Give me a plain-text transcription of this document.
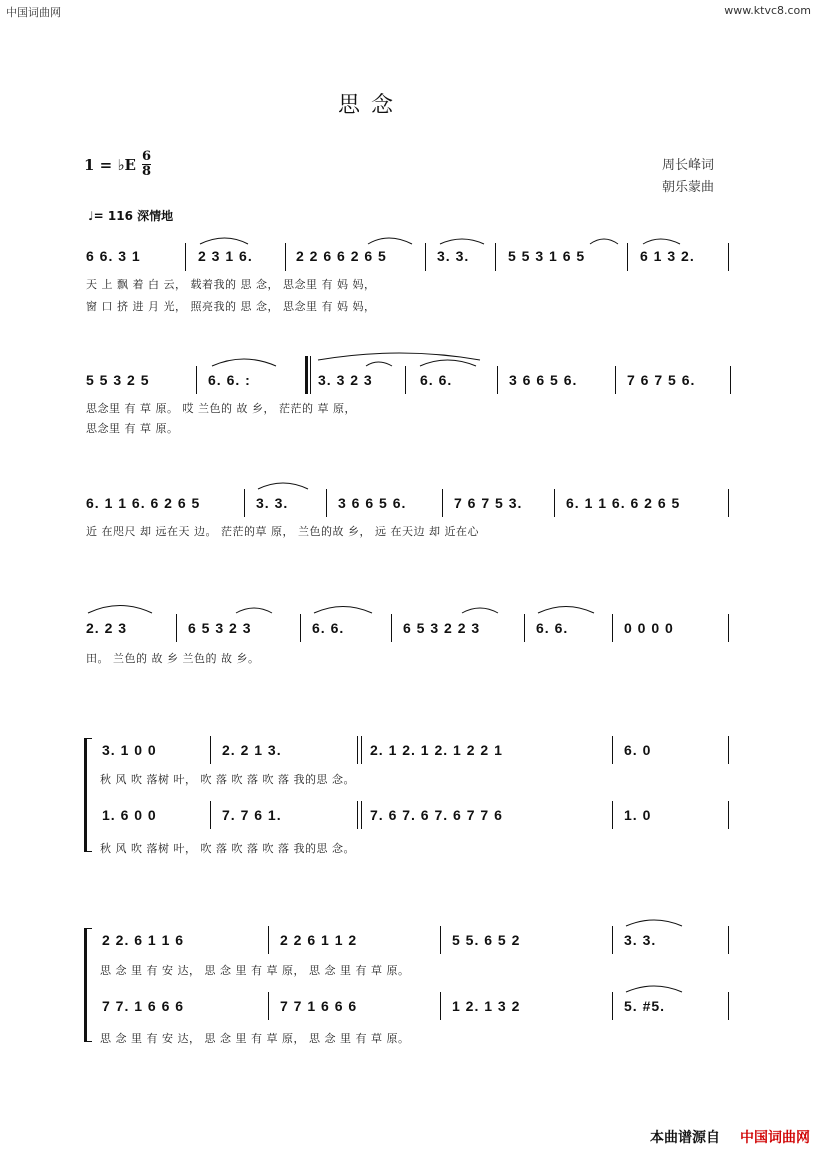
中国词曲网	www.ktvc8.com
思 念
1 = ♭E $\frac{6}{8}$	周长峰词
朝乐蒙曲
♩= 116 深情地
6 6. 3 1	2 3 1 6.	2 2 6 6 2 6 5	3. 3.	5 5 3 1 6 5	6 1 3 2.
天 上 飘 着 白 云， 载着我的 思 念， 思念里 有 妈 妈，
窗 口 挤 进 月 光， 照亮我的 思 念， 思念里 有 妈 妈，
5 5 3 2 5	6. 6. :	3. 3 2 3	6. 6.	3 6 6 5 6.	7 6 7 5 6.
思念里 有 草 原。 哎 兰色的 故 乡， 茫茫的 草 原，
思念里 有 草 原。
6. 1 1 6. 6 2 6 5	3. 3.	3 6 6 5 6.	7 6 7 5 3.	6. 1 1 6. 6 2 6 5
近 在咫尺 却 远在天 边。 茫茫的草 原， 兰色的故 乡， 远 在天边 却 近在心
2. 2 3	6 5 3 2 3	6. 6.	6 5 3 2 2 3	6. 6.	0 0 0 0
田。 兰色的 故 乡 兰色的 故 乡。
3. 1 0 0	2. 2 1 3.	2. 1 2. 1 2. 1 2 2 1	6. 0
秋 风 吹 落树 叶， 吹 落 吹 落 吹 落 我的思 念。
1. 6 0 0	7. 7 6 1.	7. 6 7. 6 7. 6 7 7 6	1. 0
秋 风 吹 落树 叶， 吹 落 吹 落 吹 落 我的思 念。
2 2. 6 1 1 6	2 2 6 1 1 2	5 5. 6 5 2	3. 3.
思 念 里 有 安 达， 思 念 里 有 草 原， 思 念 里 有 草 原。
7 7. 1 6 6 6	7 7 1 6 6 6	1 2. 1 3 2	5. #5.
思 念 里 有 安 达， 思 念 里 有 草 原， 思 念 里 有 草 原。
本曲谱源自 中国词曲网
